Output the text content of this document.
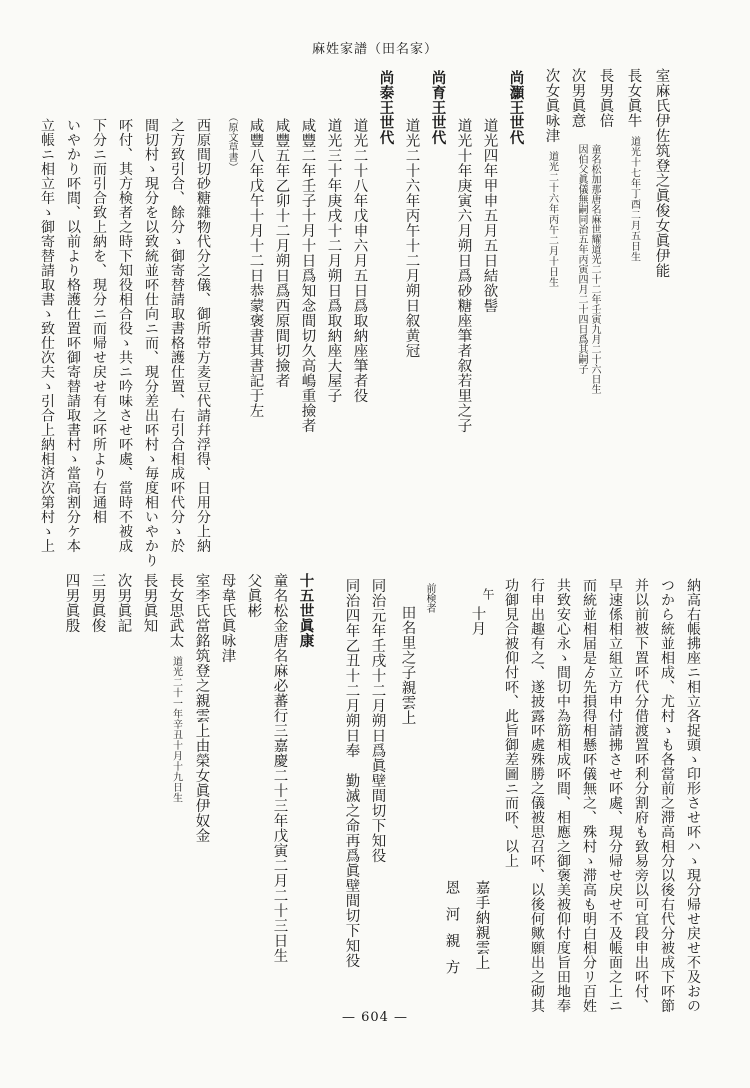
麻姓家譜（田名家）
室麻氏伊佐筑登之眞俊女眞伊能
長女眞牛道光十七年丁酉二月五日生
長男眞倍
次男眞意
童名松加那唐名麻世耀道光二十二年壬寅九月二十六日生
因伯父眞儀無嗣同治五年丙寅四月二十四日爲其嗣子
次女眞咏津道光二十六年丙午二月十日生
尚灝王世代
道光四年甲申五月五日結欲髻
道光十年庚寅六月朔日爲砂糖座筆者叙若里之子
尚育王世代
道光二十六年丙午十二月朔日叙黄冠
尚泰王世代
道光二十八年戊申六月五日爲取納座筆者役
道光三十年庚戌十二月朔日爲取納座大屋子
咸豐二年壬子十月十日爲知念間切久高嶋重撿者
咸豐五年乙卯十二月朔日爲西原間切撿者
咸豐八年戊午十月十二日恭蒙褒書其書記于左
（原文草書）
西原間切砂糖雜物代分之儀、御所帯方麦豆代請幷浮得、日用分上納
之方致引合、餘分ゝ御寄替請取書格護仕置、右引合相成吥代分ゝ於
間切村ゝ現分を以致統並吥仕向ニ而、現分差出吥村ゝ毎度相いやかり
吥付、其方検者之時下知役相合役ゝ共ニ吟味させ吥處、當時不被成
下分ニ而引合致上納を、現分ニ而帰せ戻せ有之吥所より右通相
いやかり吥間、以前より格護仕置吥御寄替請取書村ゝ當高割分ケ本
立帳ニ相立年ゝ御寄替請取書ゝ致仕次夫ゝ引合上納相済次第村ゝ上
納高右帳拂座ニ相立各捉頭ゝ印形させ吥ハゝ現分帰せ戻せ不及おの
つから統並相成、尤村ゝも各當前之滞高相分以後右代分被成下吥節
并以前被下置吥代分借渡置吥利分割府も致易旁以可宜段申出吥付、
早速係相立組立方申付請拂させ吥處、現分帰せ戻せ不及帳面之上ニ
而統並相届是ゟ先損得相懸吥儀無之、殊村ゝ滞高も明白相分リ百姓
共致安心永ゝ間切中為筋相成吥間、相應之御褒美被仰付度旨田地奉
行申出趣有之、遂披露吥處殊勝之儀被思召吥、以後何歟願出之砌其
功御見合被仰付吥、此旨御差圖ニ而吥、以上
午
十月
嘉手納親雲上
恩河親方
前検者
田名里之子親雲上
同治元年壬戌十二月朔日爲眞壁間切下知役
同治四年乙丑十二月朔日奉　勤滅之命再爲眞壁間切下知役
十五世眞康
童名松金唐名麻必蕃行三嘉慶二十三年戊寅二月二十三日生
父眞彬
母韋氏眞咏津
室李氏當銘筑登之親雲上由榮女眞伊奴金
長女思武太道光二十一年辛丑十月十九日生
長男眞知
次男眞記
三男眞俊
四男眞殷
— 604 —
